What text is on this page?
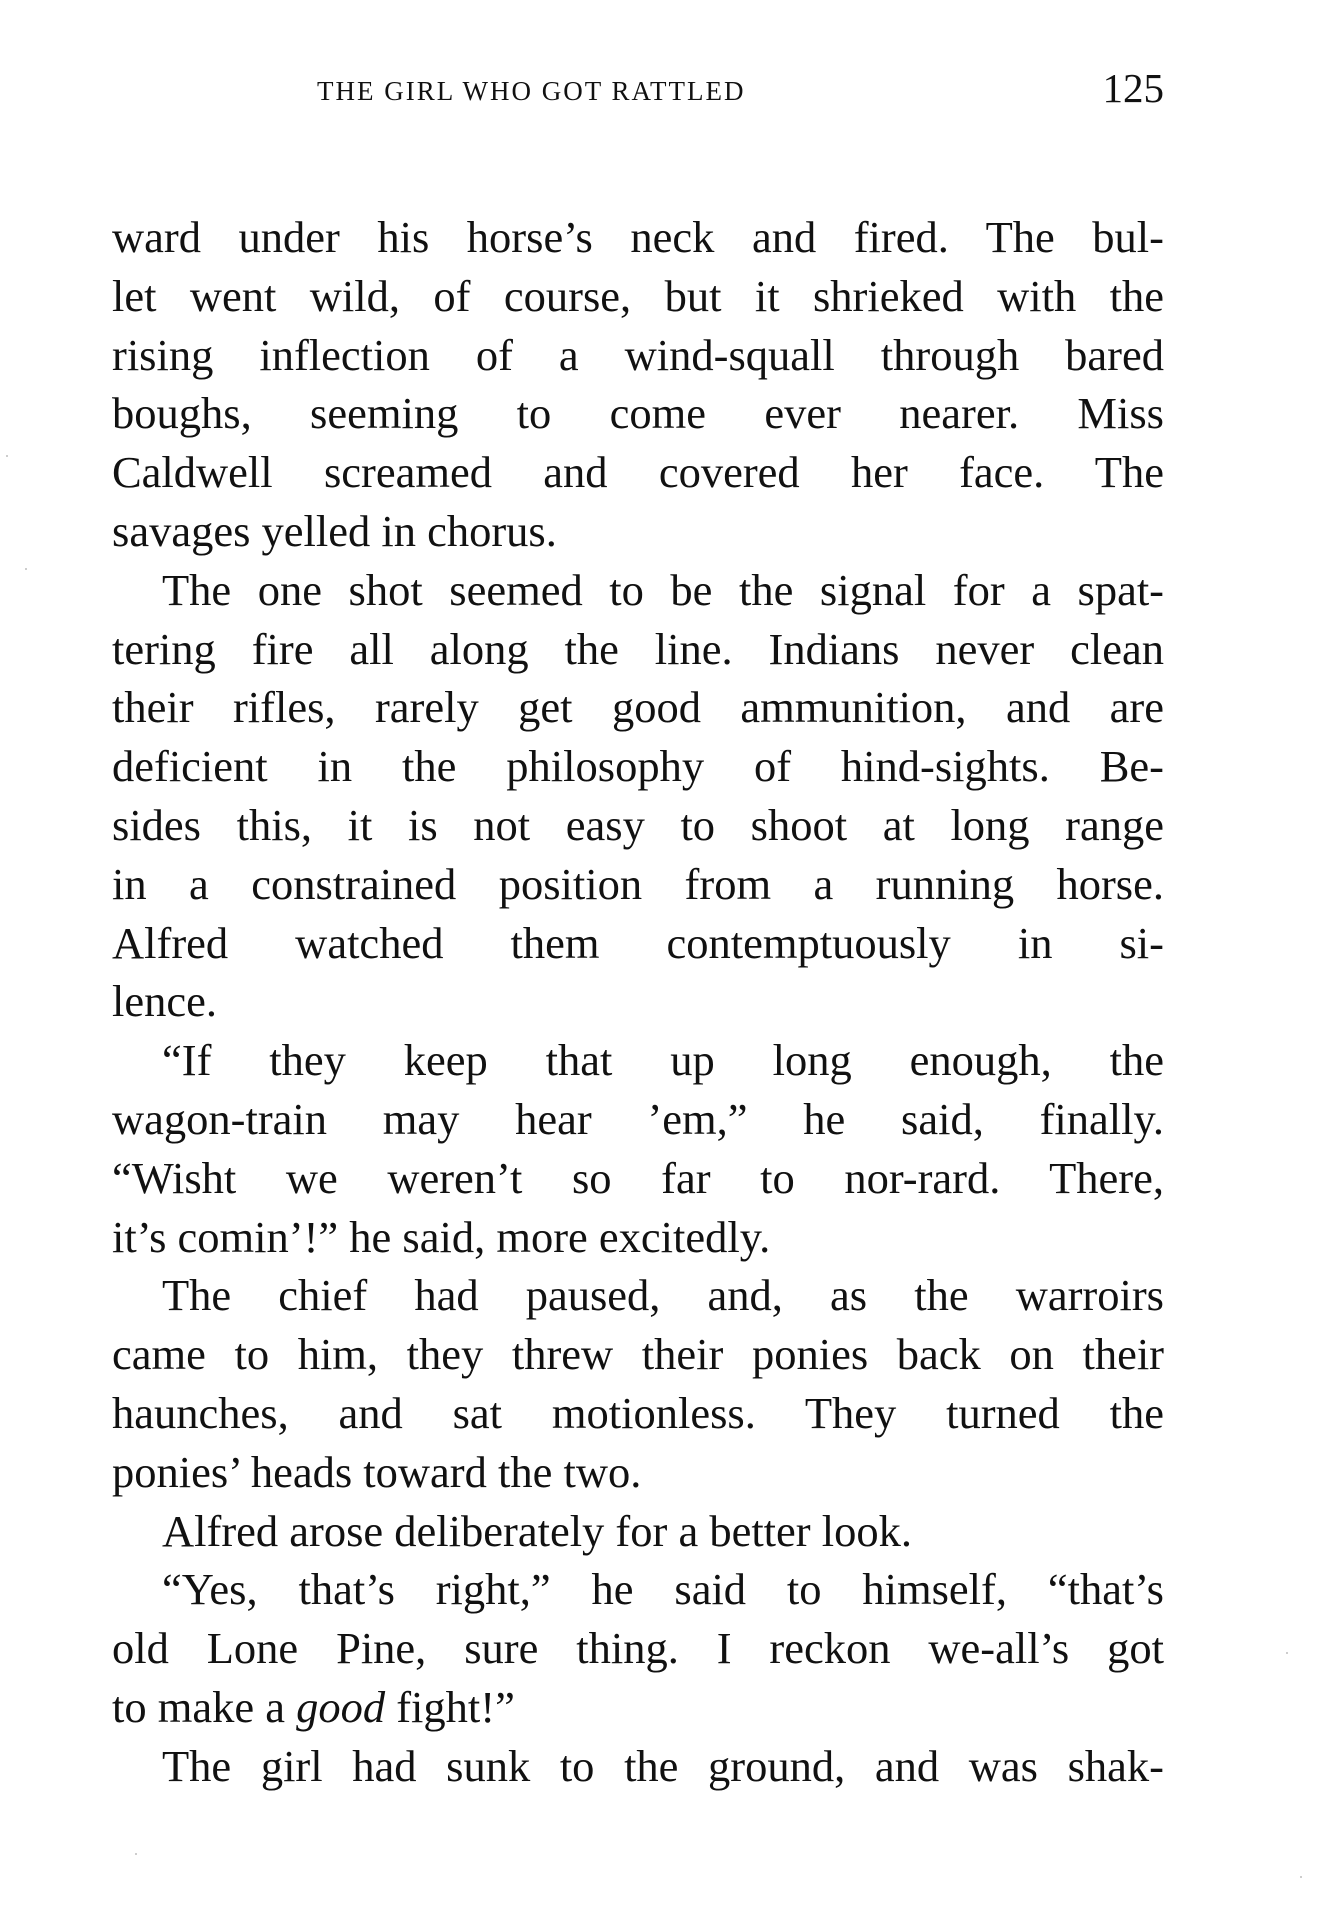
THE GIRL WHO GOT RATTLED	125
ward under his horse’s neck and fired. The bul-
let went wild, of course, but it shrieked with the
rising inflection of a wind-squall through bared
boughs, seeming to come ever nearer. Miss
Caldwell screamed and covered her face. The
savages yelled in chorus.
The one shot seemed to be the signal for a spat-
tering fire all along the line. Indians never clean
their rifles, rarely get good ammunition, and are
deficient in the philosophy of hind-sights. Be-
sides this, it is not easy to shoot at long range
in a constrained position from a running horse.
Alfred watched them contemptuously in si-
lence.
“If they keep that up long enough, the
wagon-train may hear ’em,” he said, finally.
“Wisht we weren’t so far to nor-rard. There,
it’s comin’!” he said, more excitedly.
The chief had paused, and, as the warroirs
came to him, they threw their ponies back on their
haunches, and sat motionless. They turned the
ponies’ heads toward the two.
Alfred arose deliberately for a better look.
“Yes, that’s right,” he said to himself, “that’s
old Lone Pine, sure thing. I reckon we-all’s got
to make a good fight!”
The girl had sunk to the ground, and was shak-
